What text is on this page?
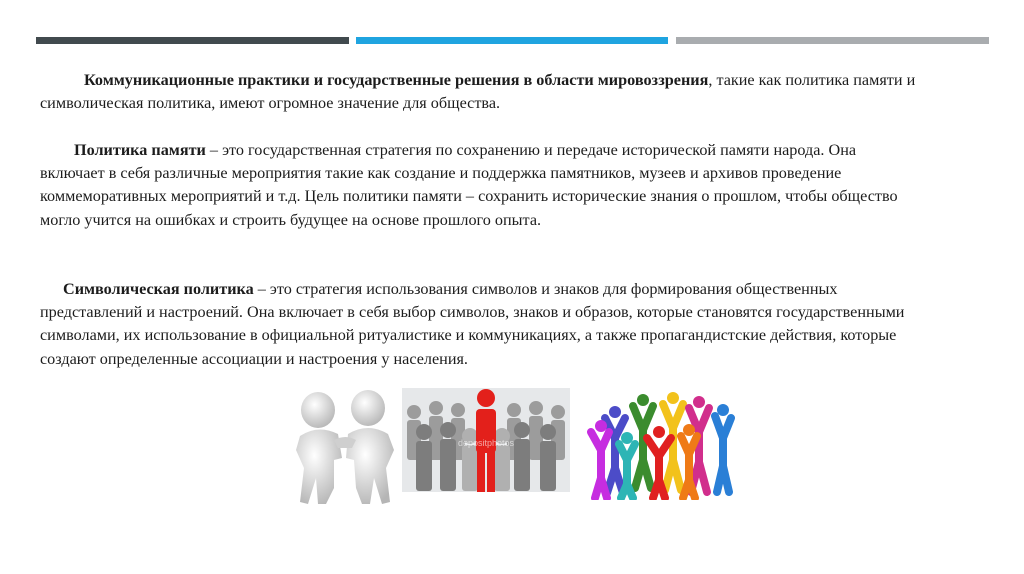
Коммуникационные практики и государственные решения в области мировоззрения, такие как политика памяти и символическая политика, имеют огромное значение для общества.
Политика памяти – это государственная стратегия по сохранению и передаче исторической памяти народа. Она включает в себя различные мероприятия такие как создание и поддержка памятников, музеев и архивов проведение коммеморативных мероприятий и т.д. Цель политики памяти – сохранить исторические знания о прошлом, чтобы общество могло учится на ошибках и строить будущее на основе прошлого опыта.
Символическая политика – это стратегия использования символов и знаков для формирования общественных представлений и настроений. Она включает в себя выбор символов, знаков и образов, которые становятся государственными символами, их использование в официальной ритуалистике и коммуникациях, а также пропагандистские действия, которые создают определенные ассоциации и настроения у населения.
depositphotos
